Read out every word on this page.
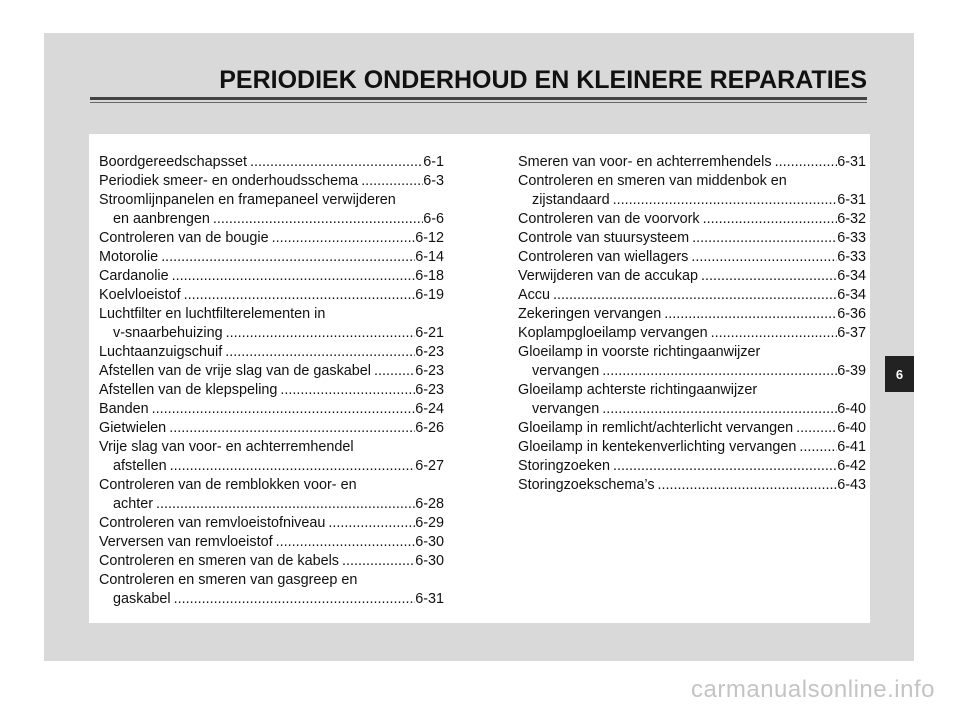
PERIODIEK ONDERHOUD EN KLEINERE REPARATIES
Boordgereedschapsset .....	6-1
Periodiek smeer- en onderhoudsschema .....	6-3
Stroomlijnpanelen en framepaneel verwijderen
en aanbrengen .....	6-6
Controleren van de bougie .....	6-12
Motorolie .....	6-14
Cardanolie .....	6-18
Koelvloeistof .....	6-19
Luchtfilter en luchtfilterelementen in
v-snaarbehuizing .....	6-21
Luchtaanzuigschuif .....	6-23
Afstellen van de vrije slag van de gaskabel .....	6-23
Afstellen van de klepspeling .....	6-23
Banden .....	6-24
Gietwielen .....	6-26
Vrije slag van voor- en achterremhendel
afstellen .....	6-27
Controleren van de remblokken voor- en
achter .....	6-28
Controleren van remvloeistofniveau .....	6-29
Verversen van remvloeistof .....	6-30
Controleren en smeren van de kabels .....	6-30
Controleren en smeren van gasgreep en
gaskabel .....	6-31
Smeren van voor- en achterremhendels .....	6-31
Controleren en smeren van middenbok en
zijstandaard .....	6-31
Controleren van de voorvork .....	6-32
Controle van stuursysteem .....	6-33
Controleren van wiellagers .....	6-33
Verwijderen van de accukap .....	6-34
Accu .....	6-34
Zekeringen vervangen .....	6-36
Koplampgloeilamp vervangen .....	6-37
Gloeilamp in voorste richtingaanwijzer
vervangen .....	6-39
Gloeilamp achterste richtingaanwijzer
vervangen .....	6-40
Gloeilamp in remlicht/achterlicht vervangen .....	6-40
Gloeilamp in kentekenverlichting vervangen .....	6-41
Storingzoeken .....	6-42
Storingzoekschema’s .....	6-43
6
carmanualsonline.info
